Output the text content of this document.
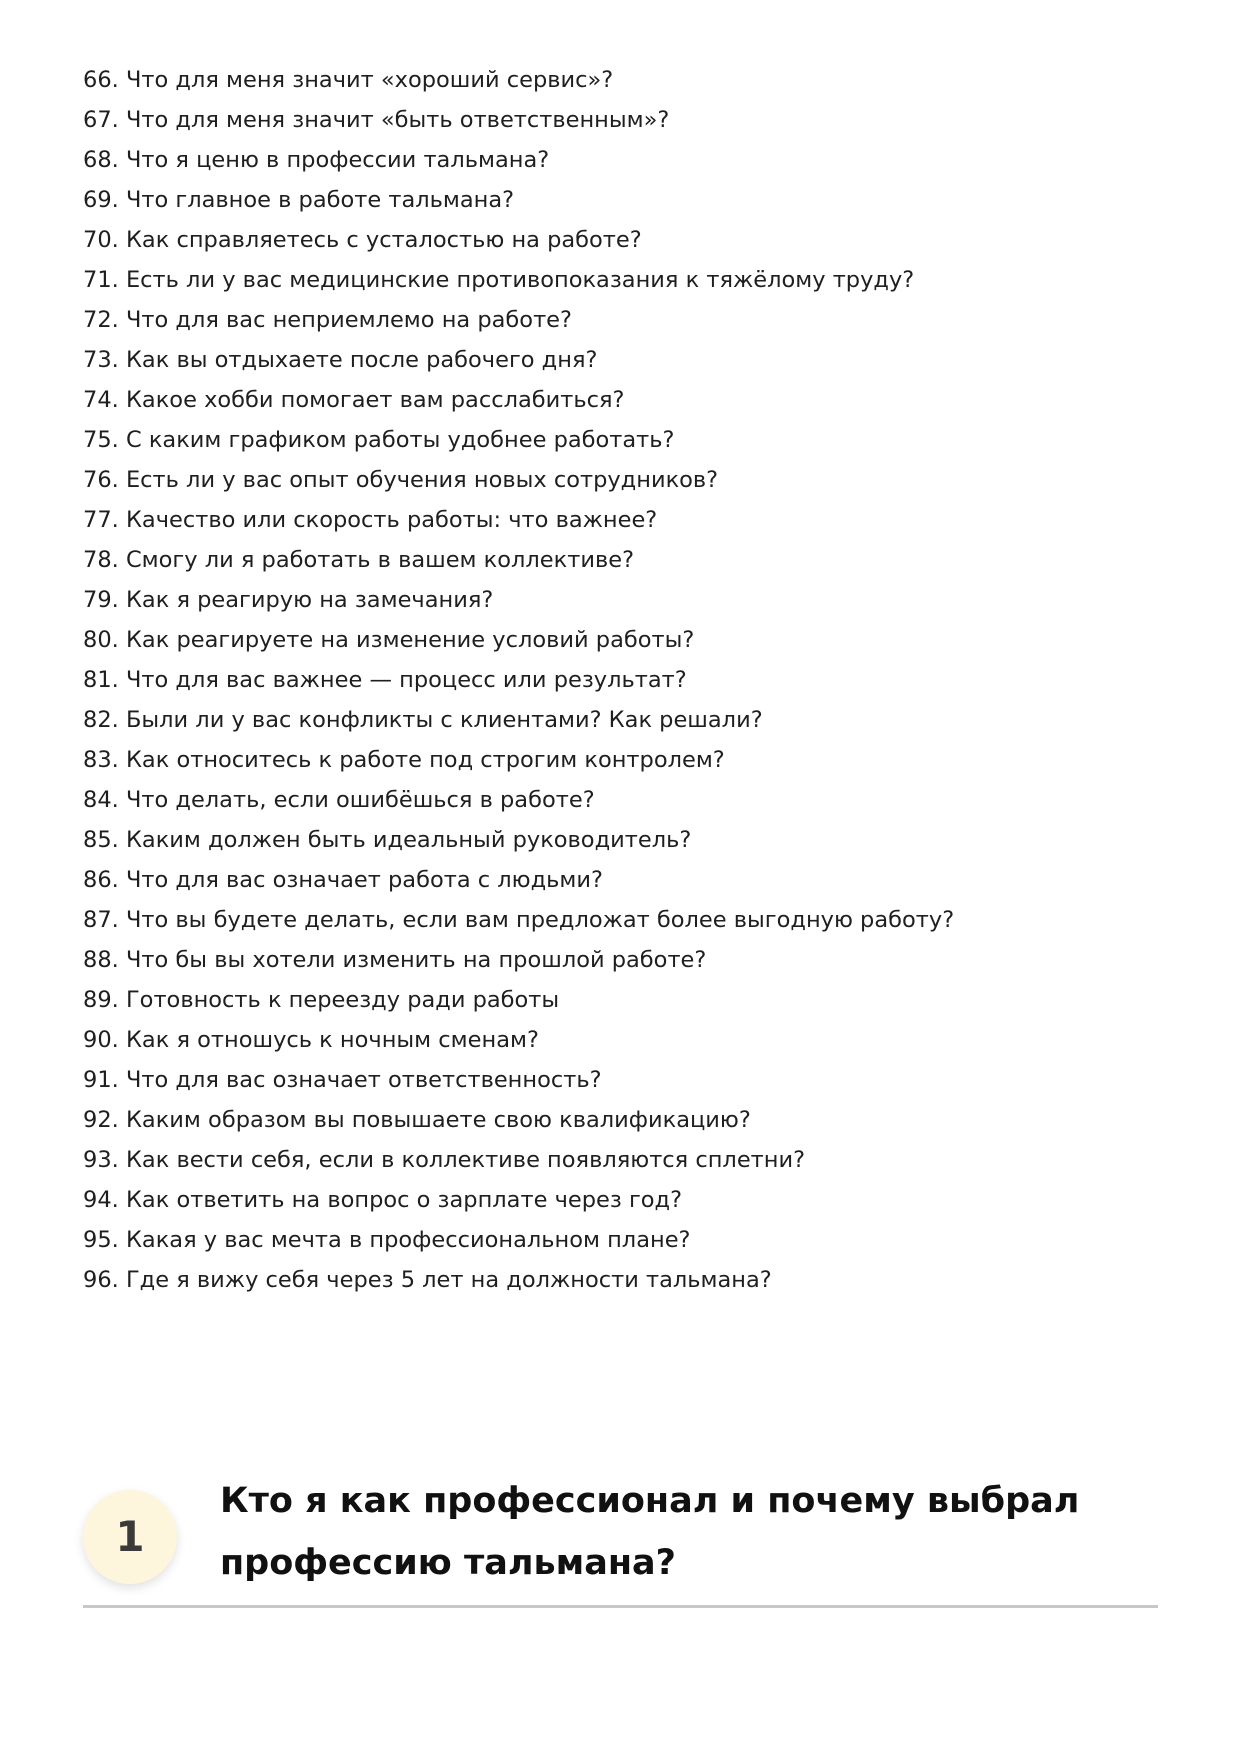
66. Что для меня значит «хороший сервис»?
67. Что для меня значит «быть ответственным»?
68. Что я ценю в профессии тальмана?
69. Что главное в работе тальмана?
70. Как справляетесь с усталостью на работе?
71. Есть ли у вас медицинские противопоказания к тяжёлому труду?
72. Что для вас неприемлемо на работе?
73. Как вы отдыхаете после рабочего дня?
74. Какое хобби помогает вам расслабиться?
75. С каким графиком работы удобнее работать?
76. Есть ли у вас опыт обучения новых сотрудников?
77. Качество или скорость работы: что важнее?
78. Смогу ли я работать в вашем коллективе?
79. Как я реагирую на замечания?
80. Как реагируете на изменение условий работы?
81. Что для вас важнее — процесс или результат?
82. Были ли у вас конфликты с клиентами? Как решали?
83. Как относитесь к работе под строгим контролем?
84. Что делать, если ошибёшься в работе?
85. Каким должен быть идеальный руководитель?
86. Что для вас означает работа с людьми?
87. Что вы будете делать, если вам предложат более выгодную работу?
88. Что бы вы хотели изменить на прошлой работе?
89. Готовность к переезду ради работы
90. Как я отношусь к ночным сменам?
91. Что для вас означает ответственность?
92. Каким образом вы повышаете свою квалификацию?
93. Как вести себя, если в коллективе появляются сплетни?
94. Как ответить на вопрос о зарплате через год?
95. Какая у вас мечта в профессиональном плане?
96. Где я вижу себя через 5 лет на должности тальмана?
1
Кто я как профессионал и почему выбрал профессию тальмана?
